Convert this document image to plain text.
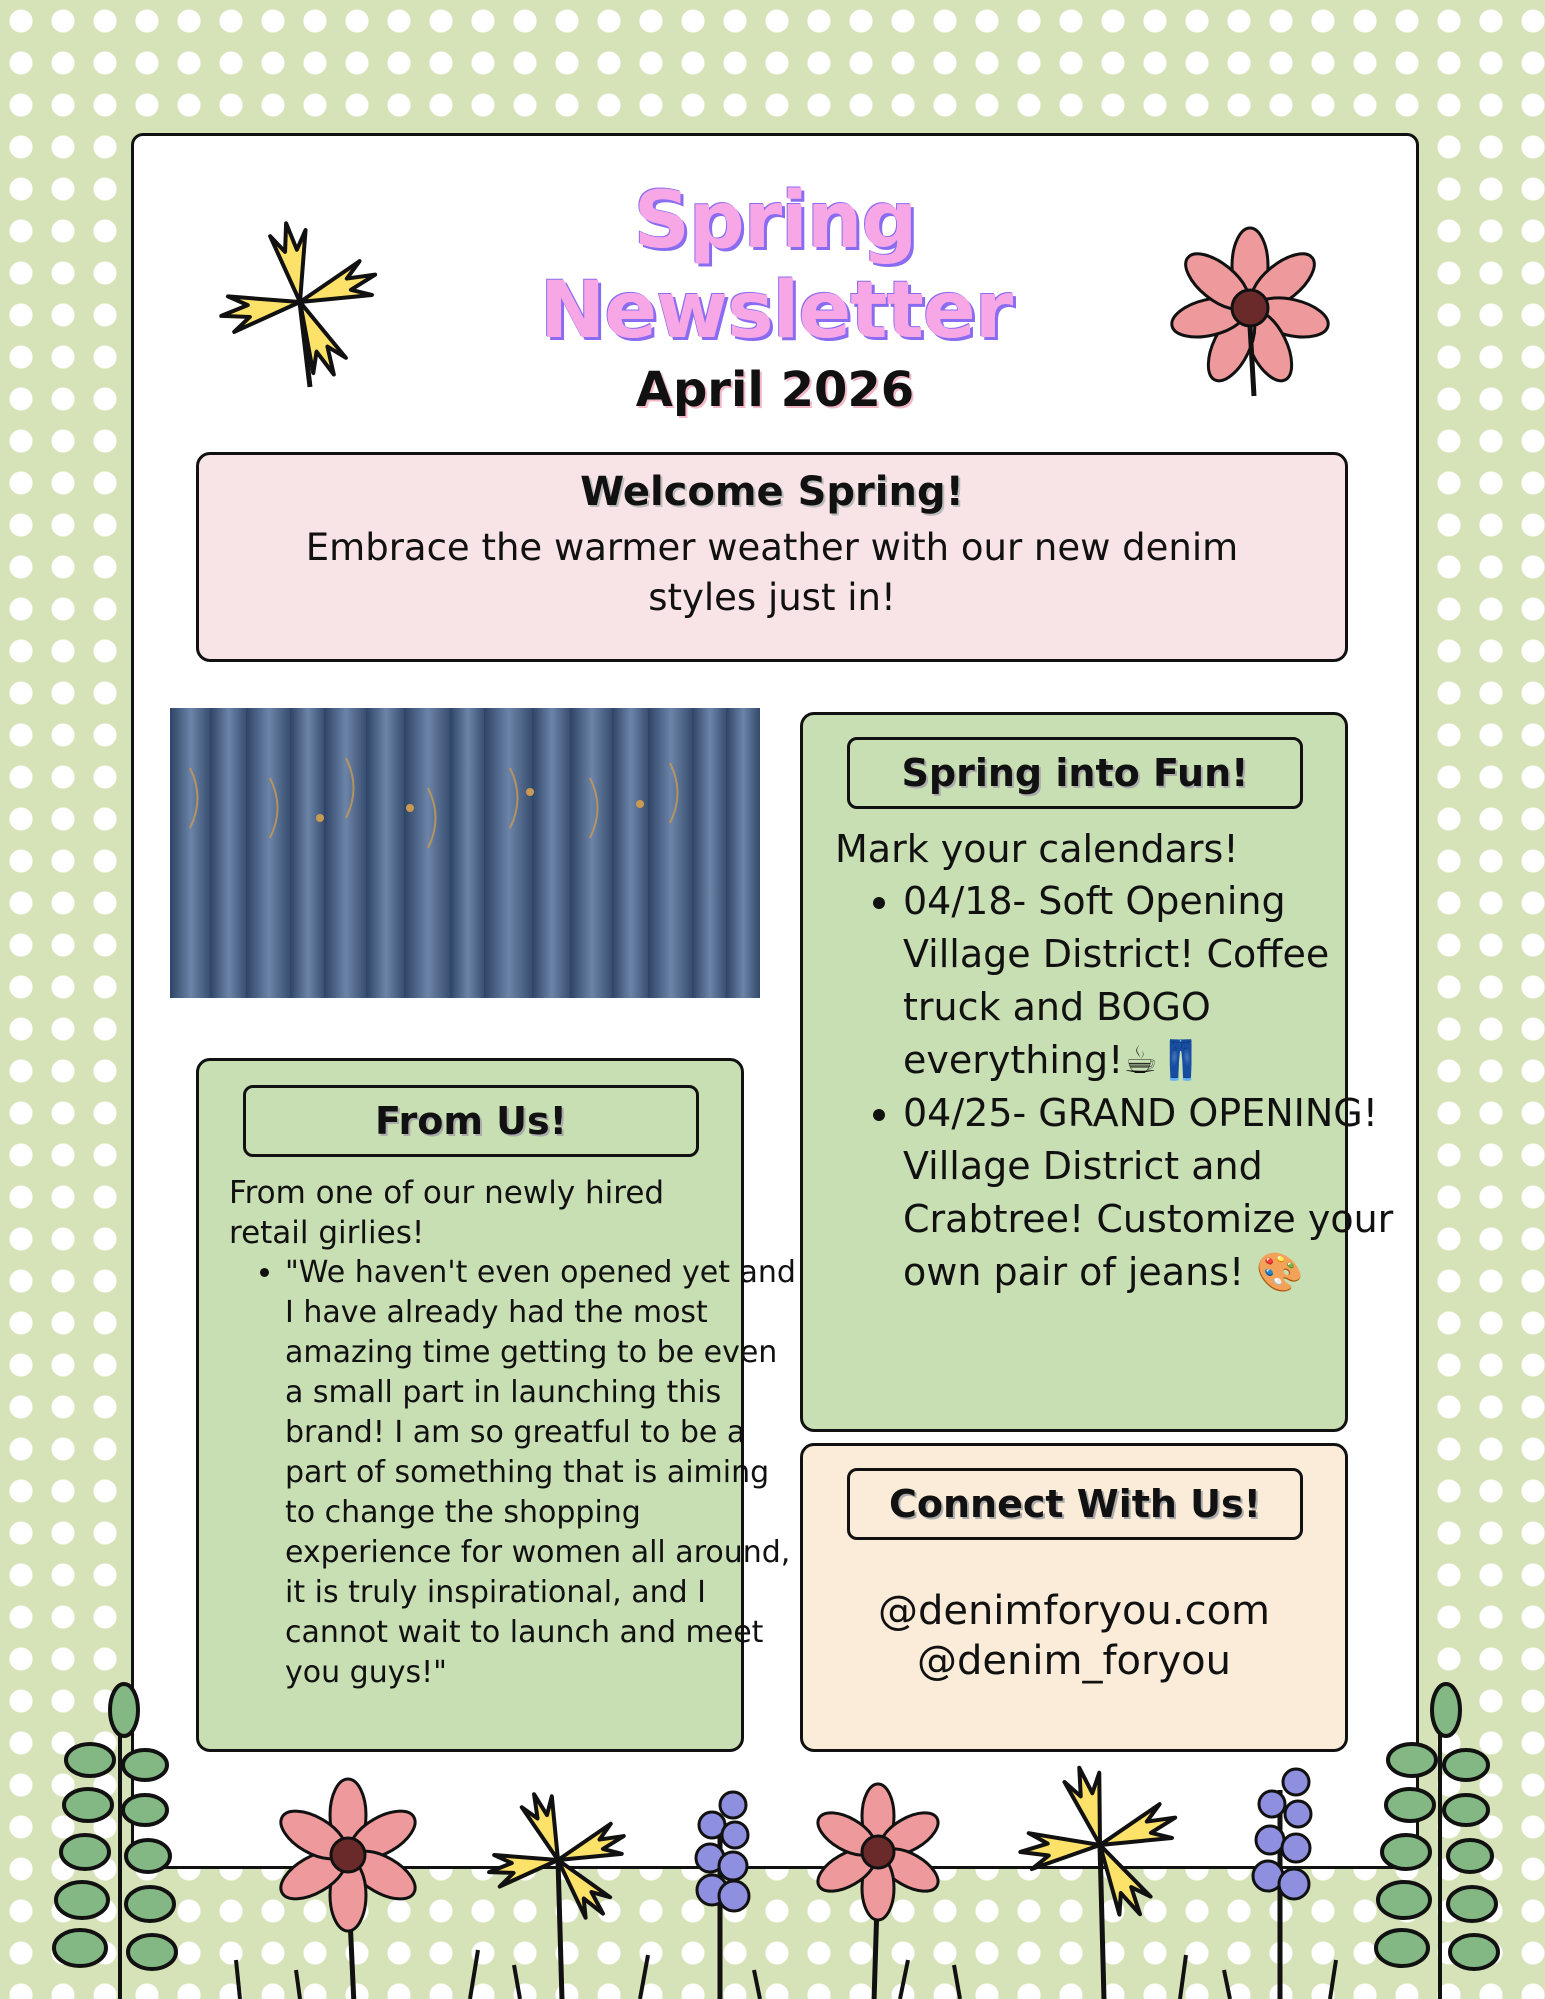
Spring
Newsletter
April 2026
Welcome Spring!

Embrace the warmer weather with our new denim styles just in!

Spring into Fun!
Mark your calendars!
• 04/18- Soft Opening Village District! Coffee truck and BOGO everything!☕👖
• 04/25- GRAND OPENING! Village District and Crabtree! Customize your own pair of jeans! 🎨
From Us!
From one of our newly hired retail girlies!
• "We haven't even opened yet and I have already had the most amazing time getting to be even a small part in launching this brand! I am so greatful to be a part of something that is aiming to change the shopping experience for women all around, it is truly inspirational, and I cannot wait to launch and meet you guys!"
Connect With Us!
@denimforyou.com
@denim_foryou
